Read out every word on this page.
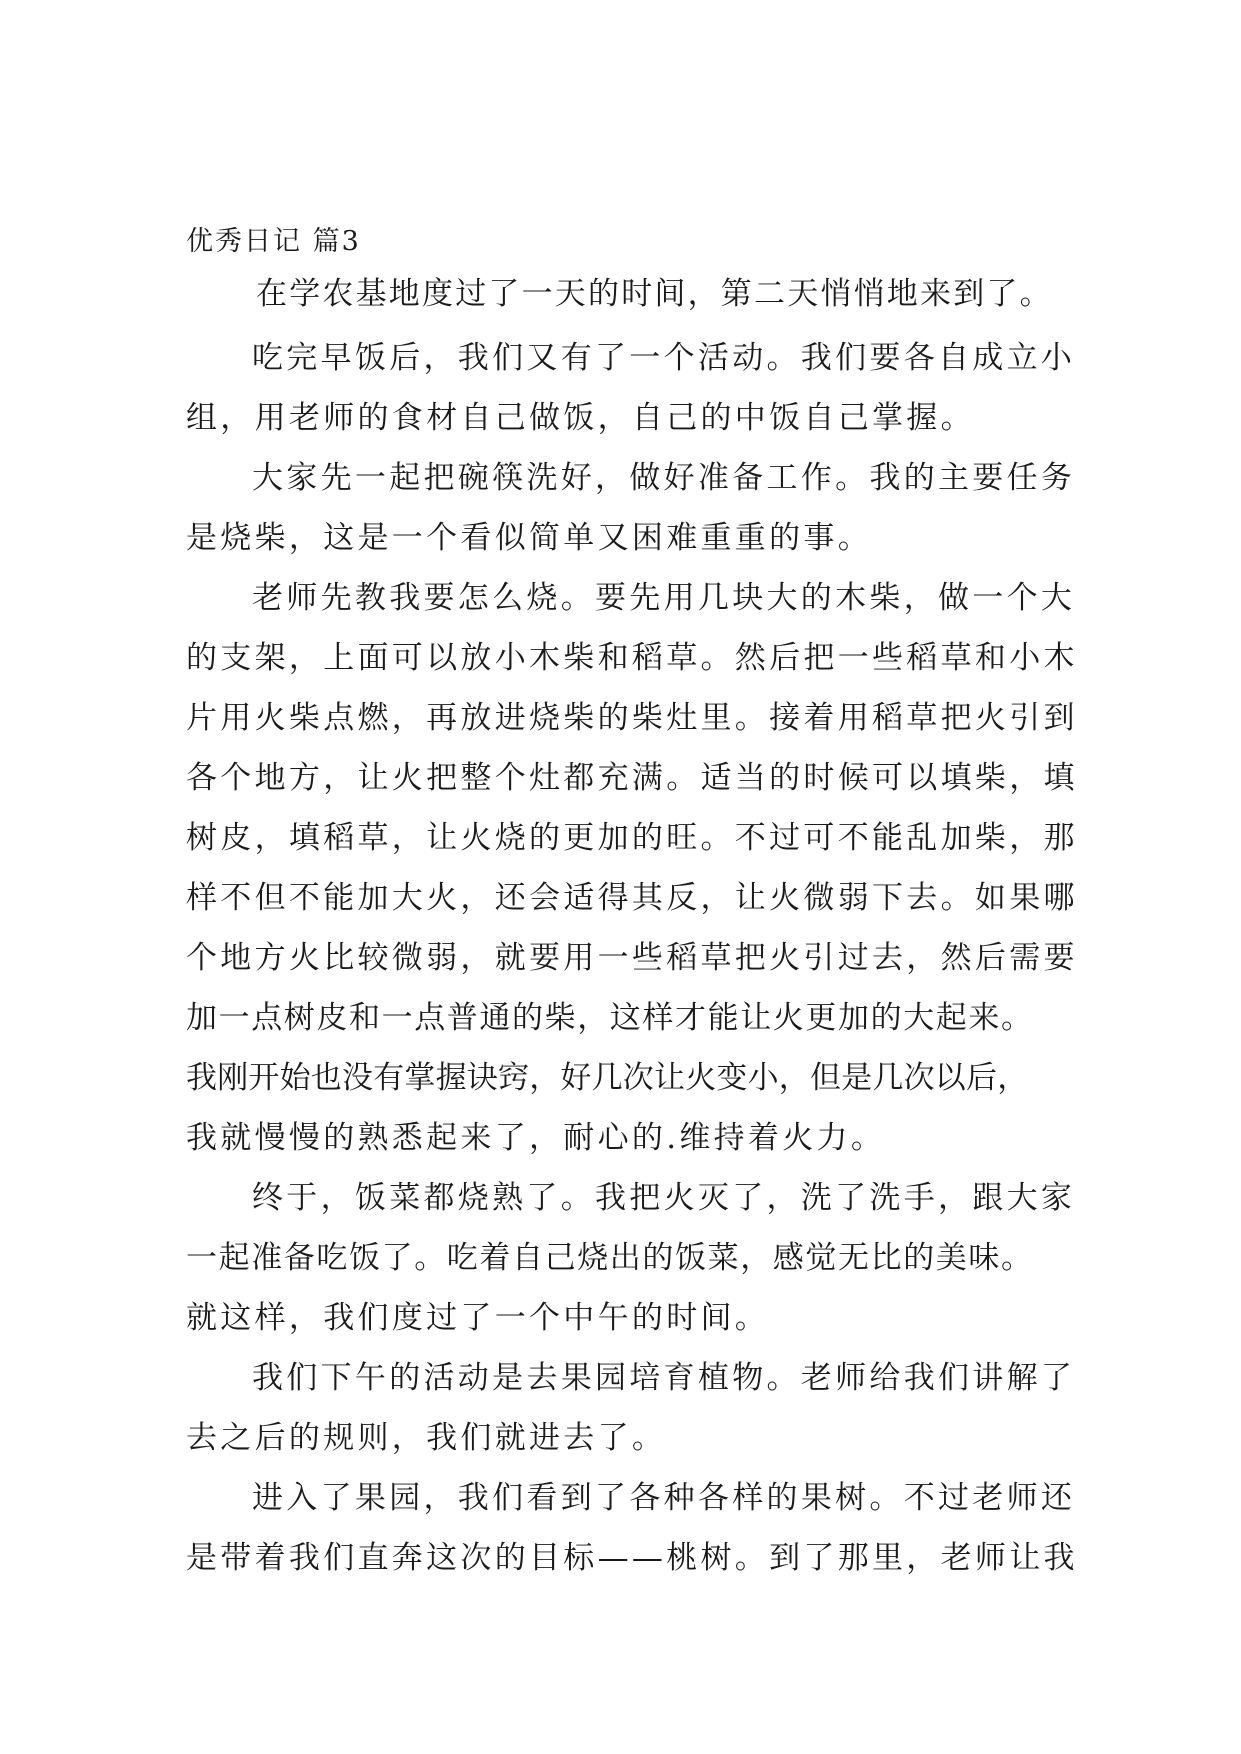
优秀日记 篇3
在学农基地度过了一天的时间，第二天悄悄地来到了。
吃完早饭后，我们又有了一个活动。我们要各自成立小
组，用老师的食材自己做饭，自己的中饭自己掌握。
大家先一起把碗筷洗好，做好准备工作。我的主要任务
是烧柴，这是一个看似简单又困难重重的事。
老师先教我要怎么烧。要先用几块大的木柴，做一个大
的支架，上面可以放小木柴和稻草。然后把一些稻草和小木
片用火柴点燃，再放进烧柴的柴灶里。接着用稻草把火引到
各个地方，让火把整个灶都充满。适当的时候可以填柴，填
树皮，填稻草，让火烧的更加的旺。不过可不能乱加柴，那
样不但不能加大火，还会适得其反，让火微弱下去。如果哪
个地方火比较微弱，就要用一些稻草把火引过去，然后需要
加一点树皮和一点普通的柴，这样才能让火更加的大起来。
我刚开始也没有掌握诀窍，好几次让火变小，但是几次以后，
我就慢慢的熟悉起来了，耐心的.维持着火力。
终于，饭菜都烧熟了。我把火灭了，洗了洗手，跟大家
一起准备吃饭了。吃着自己烧出的饭菜，感觉无比的美味。
就这样，我们度过了一个中午的时间。
我们下午的活动是去果园培育植物。老师给我们讲解了
去之后的规则，我们就进去了。
进入了果园，我们看到了各种各样的果树。不过老师还
是带着我们直奔这次的目标——桃树。到了那里，老师让我
